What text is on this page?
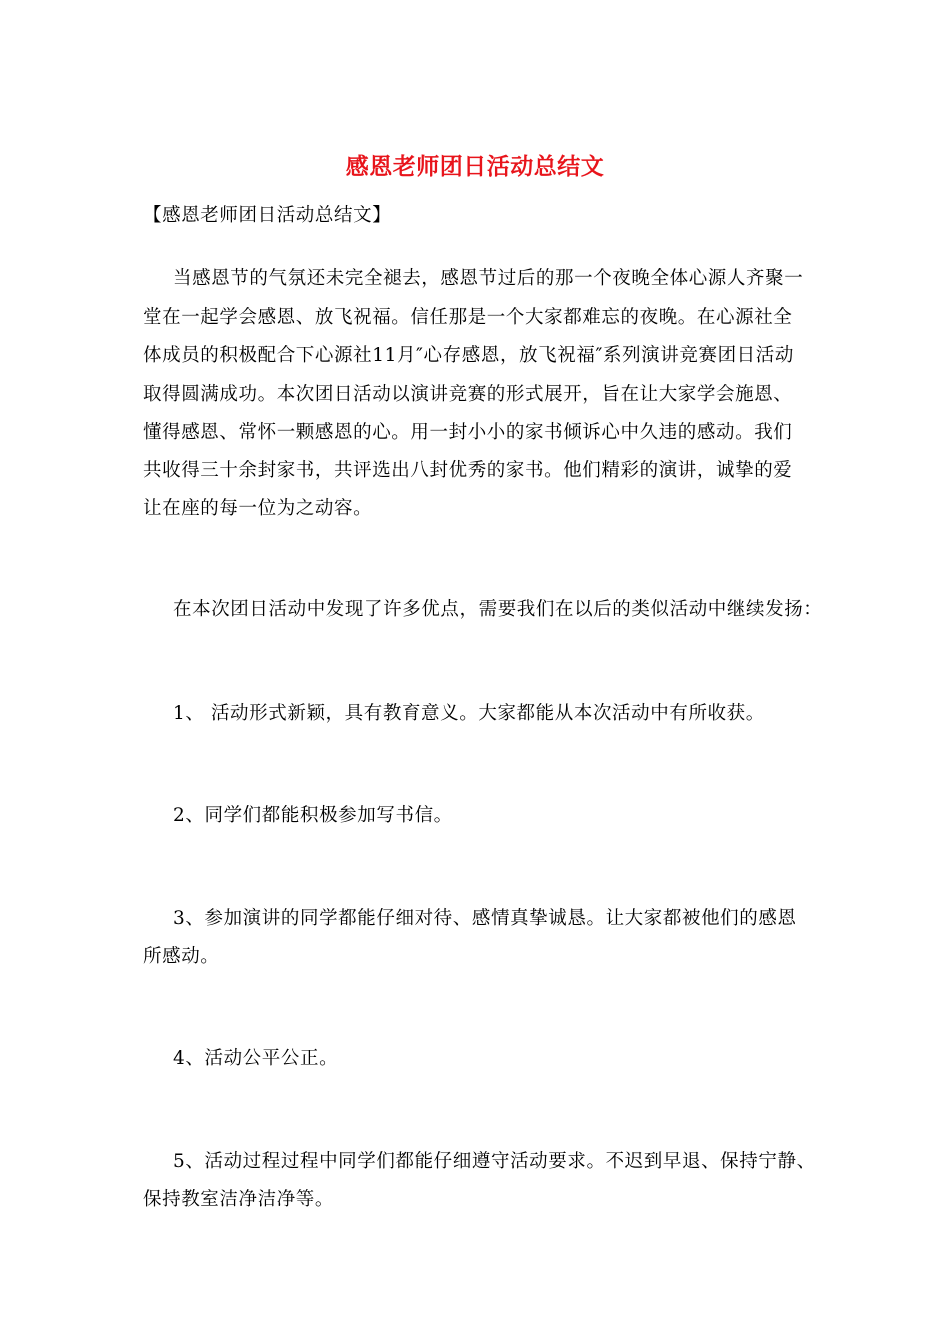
感恩老师团日活动总结文
【感恩老师团日活动总结文】
当感恩节的气氛还未完全褪去，感恩节过后的那一个夜晚全体心源人齐聚一
堂在一起学会感恩、放飞祝福。信任那是一个大家都难忘的夜晚。在心源社全
体成员的积极配合下心源社11月″心存感恩，放飞祝福″系列演讲竞赛团日活动
取得圆满成功。本次团日活动以演讲竞赛的形式展开，旨在让大家学会施恩、
懂得感恩、常怀一颗感恩的心。用一封小小的家书倾诉心中久违的感动。我们
共收得三十余封家书，共评选出八封优秀的家书。他们精彩的演讲，诚挚的爱
让在座的每一位为之动容。
在本次团日活动中发现了许多优点，需要我们在以后的类似活动中继续发扬：
1、 活动形式新颖，具有教育意义。大家都能从本次活动中有所收获。
2、同学们都能积极参加写书信。
3、参加演讲的同学都能仔细对待、感情真挚诚恳。让大家都被他们的感恩
所感动。
4、活动公平公正。
5、活动过程过程中同学们都能仔细遵守活动要求。不迟到早退、保持宁静、
保持教室洁净洁净等。
